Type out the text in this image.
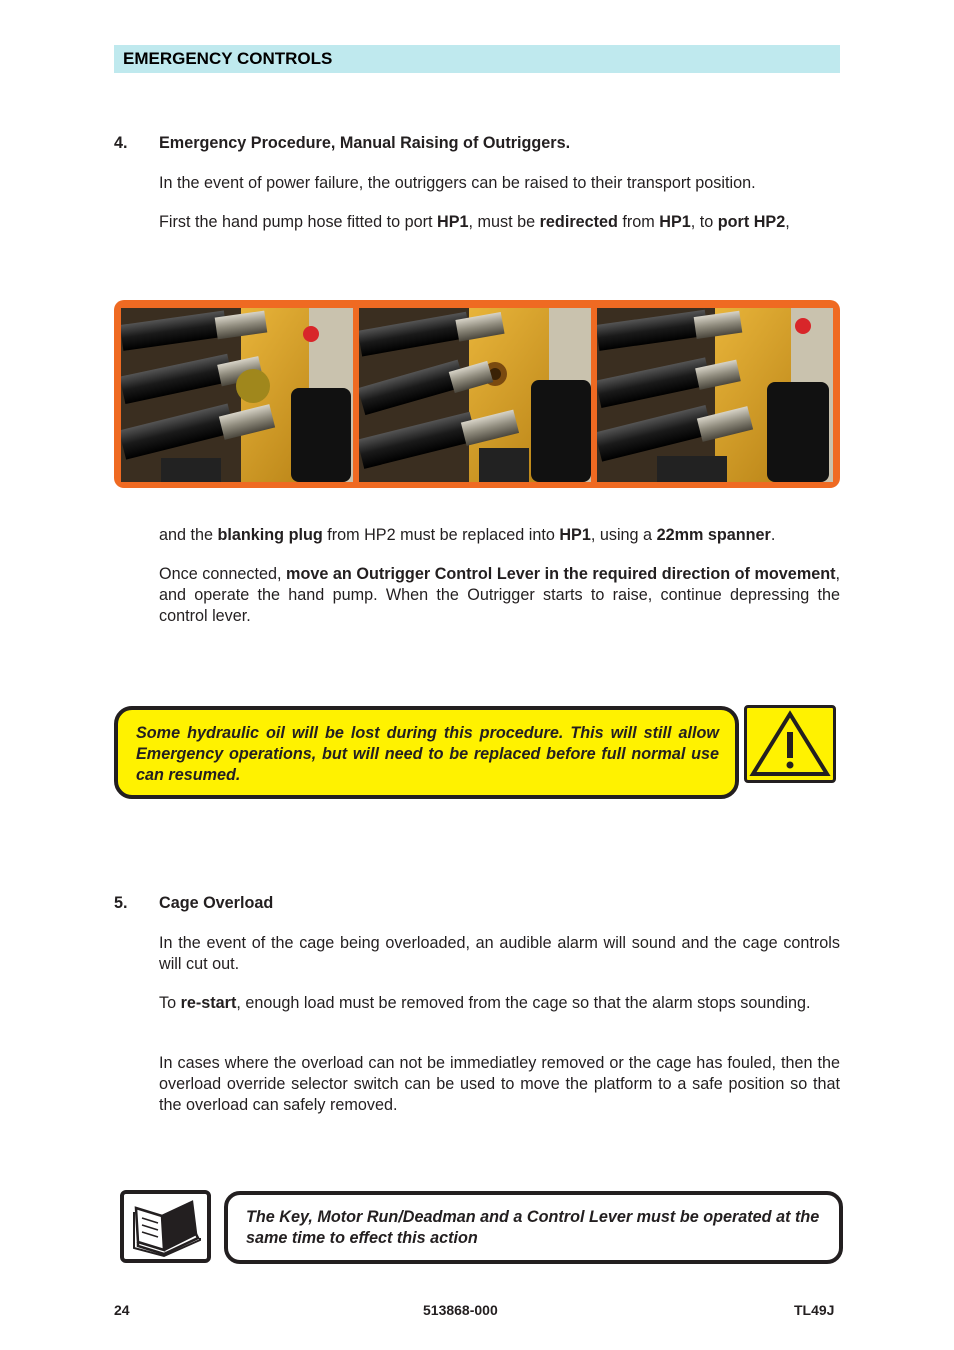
EMERGENCY CONTROLS
4. Emergency Procedure, Manual Raising of Outriggers.
In the event of power failure, the outriggers can be raised to their transport position.
First the hand pump hose fitted to port HP1, must be redirected from HP1, to port HP2,
and the blanking plug from HP2 must be replaced into HP1, using a 22mm spanner.
Once connected, move an Outrigger Control Lever in the required direction of movement, and operate the hand pump. When the Outrigger starts to raise, continue depressing the control lever.
Some hydraulic oil will be lost during this procedure. This will still allow Emergency operations, but will need to be replaced before full normal use can resumed.
5. Cage Overload
In the event of the cage being overloaded, an audible alarm will sound and the cage controls will cut out.
To re-start, enough load must be removed from the cage so that the alarm stops sounding.
In cases where the overload can not be immediatley removed or the cage has fouled, then the overload override selector switch can be used to move the platform to a safe position so that the overload can safely removed.
The Key, Motor Run/Deadman and a Control Lever must be operated at the same time to effect this action
24	513868-000	TL49J
